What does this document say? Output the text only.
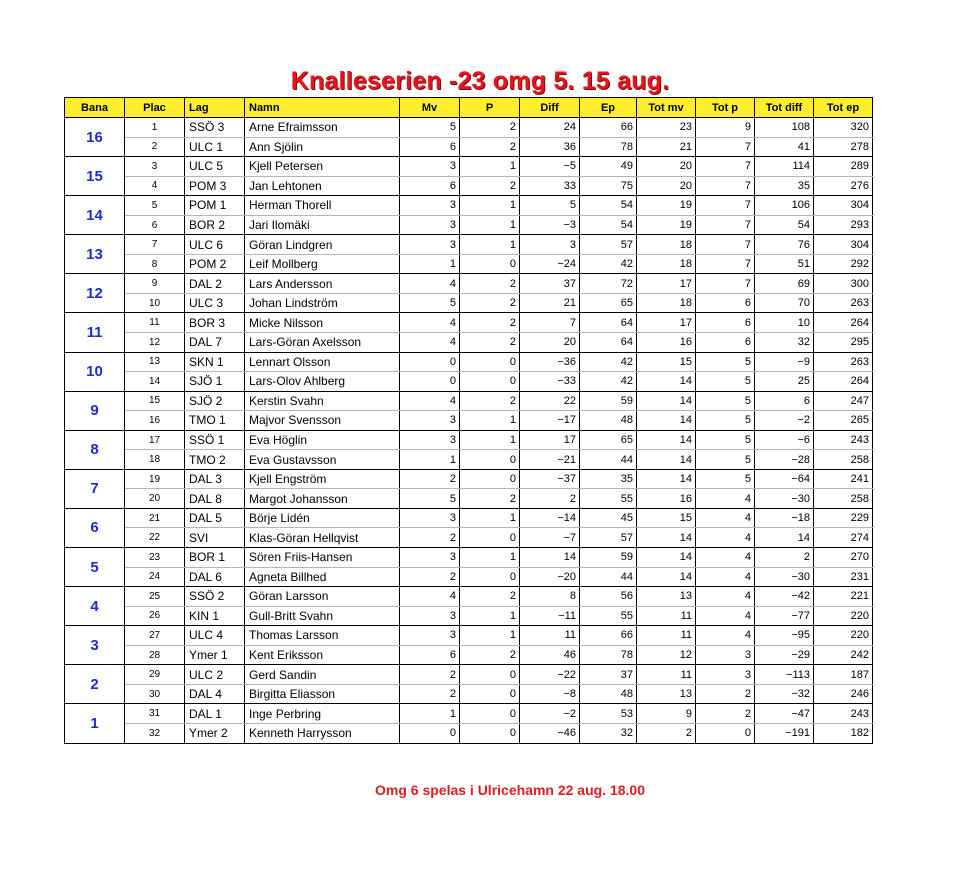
Knalleserien -23 omg 5. 15 aug.
Bana	Plac	Lag	Namn	Mv	P	Diff	Ep	Tot mv	Tot p	Tot diff	Tot ep
16	1	SSÖ 3	Arne Efraimsson	5	2	24	66	23	9	108	320
	2	ULC 1	Ann Sjölin	6	2	36	78	21	7	41	278
15	3	ULC 5	Kjell Petersen	3	1	−5	49	20	7	114	289
	4	POM 3	Jan Lehtonen	6	2	33	75	20	7	35	276
14	5	POM 1	Herman Thorell	3	1	5	54	19	7	106	304
	6	BOR 2	Jari Ilomäki	3	1	−3	54	19	7	54	293
13	7	ULC 6	Göran Lindgren	3	1	3	57	18	7	76	304
	8	POM 2	Leif Mollberg	1	0	−24	42	18	7	51	292
12	9	DAL 2	Lars Andersson	4	2	37	72	17	7	69	300
	10	ULC 3	Johan Lindström	5	2	21	65	18	6	70	263
11	11	BOR 3	Micke Nilsson	4	2	7	64	17	6	10	264
	12	DAL 7	Lars-Göran Axelsson	4	2	20	64	16	6	32	295
10	13	SKN 1	Lennart Olsson	0	0	−36	42	15	5	−9	263
	14	SJÖ 1	Lars-Olov Ahlberg	0	0	−33	42	14	5	25	264
9	15	SJÖ 2	Kerstin Svahn	4	2	22	59	14	5	6	247
	16	TMO 1	Majvor Svensson	3	1	−17	48	14	5	−2	265
8	17	SSÖ 1	Eva Höglin	3	1	17	65	14	5	−6	243
	18	TMO 2	Eva Gustavsson	1	0	−21	44	14	5	−28	258
7	19	DAL 3	Kjell Engström	2	0	−37	35	14	5	−64	241
	20	DAL 8	Margot Johansson	5	2	2	55	16	4	−30	258
6	21	DAL 5	Börje Lidén	3	1	−14	45	15	4	−18	229
	22	SVI	Klas-Göran Hellqvist	2	0	−7	57	14	4	14	274
5	23	BOR 1	Sören Friis-Hansen	3	1	14	59	14	4	2	270
	24	DAL 6	Agneta Billhed	2	0	−20	44	14	4	−30	231
4	25	SSÖ 2	Göran Larsson	4	2	8	56	13	4	−42	221
	26	KIN 1	Gull-Britt Svahn	3	1	−11	55	11	4	−77	220
3	27	ULC 4	Thomas Larsson	3	1	11	66	11	4	−95	220
	28	Ymer 1	Kent Eriksson	6	2	46	78	12	3	−29	242
2	29	ULC 2	Gerd Sandin	2	0	−22	37	11	3	−113	187
	30	DAL 4	Birgitta Eliasson	2	0	−8	48	13	2	−32	246
1	31	DAL 1	Inge Perbring	1	0	−2	53	9	2	−47	243
	32	Ymer 2	Kenneth Harrysson	0	0	−46	32	2	0	−191	182
Omg 6 spelas i Ulricehamn 22 aug. 18.00
